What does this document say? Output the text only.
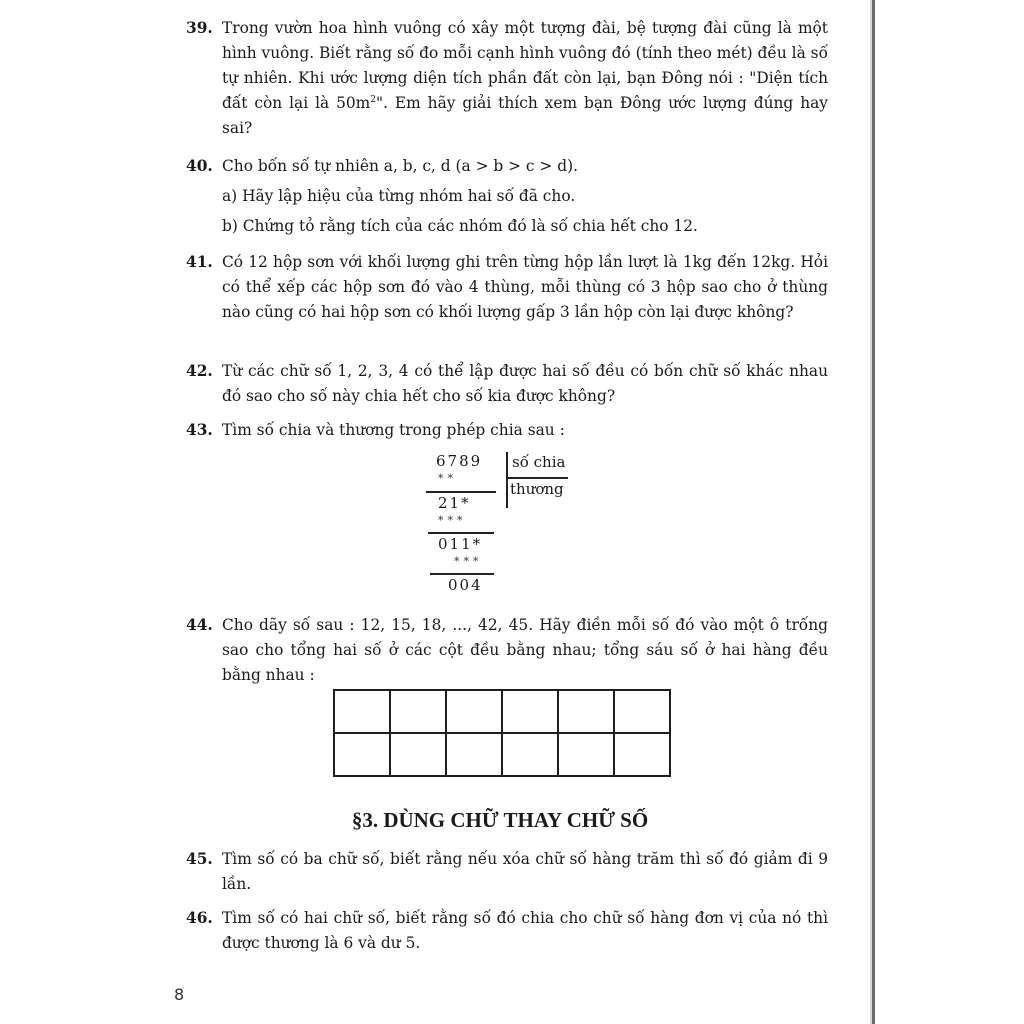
39. Trong vườn hoa hình vuông có xây một tượng đài, bệ tượng đài cũng là một hình vuông. Biết rằng số đo mỗi cạnh hình vuông đó (tính theo mét) đều là số tự nhiên. Khi ước lượng diện tích phần đất còn lại, bạn Đông nói : "Diện tích đất còn lại là $50m^2$". Em hãy giải thích xem bạn Đông ước lượng đúng hay sai?
40. Cho bốn số tự nhiên a, b, c, d (a > b > c > d).
a) Hãy lập hiệu của từng nhóm hai số đã cho.
b) Chứng tỏ rằng tích của các nhóm đó là số chia hết cho 12.
41. Có 12 hộp sơn với khối lượng ghi trên từng hộp lần lượt là 1kg đến 12kg. Hỏi có thể xếp các hộp sơn đó vào 4 thùng, mỗi thùng có 3 hộp sao cho ở thùng nào cũng có hai hộp sơn có khối lượng gấp 3 lần hộp còn lại được không?
42. Từ các chữ số 1, 2, 3, 4 có thể lập được hai số đều có bốn chữ số khác nhau đó sao cho số này chia hết cho số kia được không?
43. Tìm số chia và thương trong phép chia sau :
6789
**
21*
***
011*
***
004
số chia
thương
44. Cho dãy số sau : 12, 15, 18, ..., 42, 45. Hãy điền mỗi số đó vào một ô trống sao cho tổng hai số ở các cột đều bằng nhau; tổng sáu số ở hai hàng đều bằng nhau :

§3. DÙNG CHỮ THAY CHỮ SỐ
45. Tìm số có ba chữ số, biết rằng nếu xóa chữ số hàng trăm thì số đó giảm đi 9 lần.
46. Tìm số có hai chữ số, biết rằng số đó chia cho chữ số hàng đơn vị của nó thì được thương là 6 và dư 5.
8
